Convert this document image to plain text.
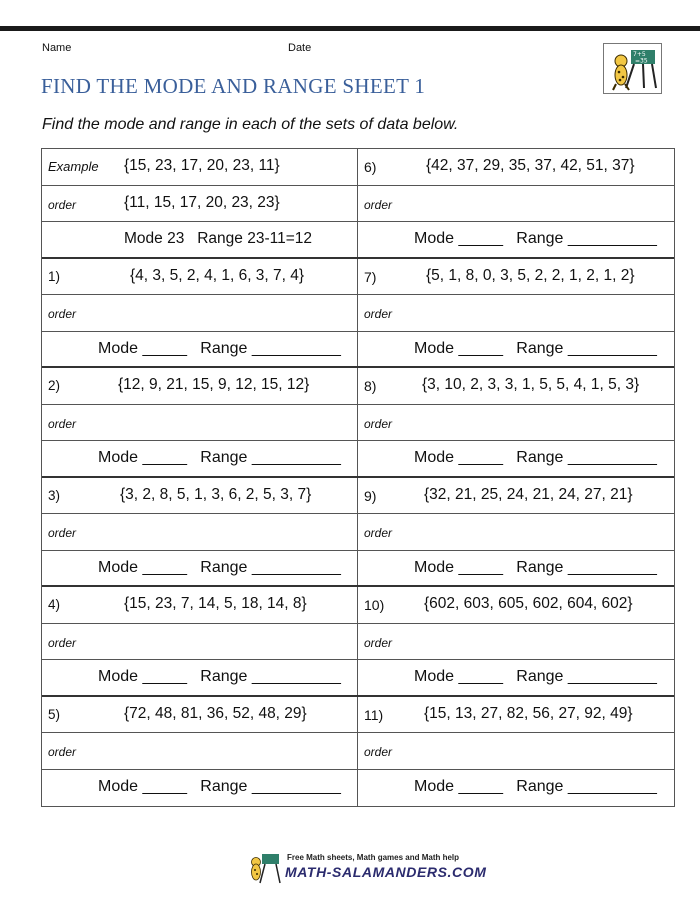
Name	Date
7+5
=35
FIND THE MODE AND RANGE SHEET 1
Find the mode and range in each of the sets of data below.
Example {15, 23, 17, 20, 23, 11}	6)	{42, 37, 29, 35, 37, 42, 51, 37}
order	{11, 15, 17, 20, 23, 23}	order
Mode 23   Range 23-11=12	Mode _____   Range __________
1)	{4, 3, 5, 2, 4, 1, 6, 3, 7, 4}	7)	{5, 1, 8, 0, 3, 5, 2, 2, 1, 2, 1, 2}
order	order
Mode _____   Range __________	Mode _____   Range __________
2)	{12, 9, 21, 15, 9, 12, 15, 12}	8)	{3, 10, 2, 3, 3, 1, 5, 5, 4, 1, 5, 3}
order	order
Mode _____   Range __________	Mode _____   Range __________
3)	{3, 2, 8, 5, 1, 3, 6, 2, 5, 3, 7}	9)	{32, 21, 25, 24, 21, 24, 27, 21}
order	order
Mode _____   Range __________	Mode _____   Range __________
4)	{15, 23, 7, 14, 5, 18, 14, 8}	10)	{602, 603, 605, 602, 604, 602}
order	order
Mode _____   Range __________	Mode _____   Range __________
5)	{72, 48, 81, 36, 52, 48, 29}	11)	{15, 13, 27, 82, 56, 27, 92, 49}
order	order
Mode _____   Range __________	Mode _____   Range __________
Free Math sheets, Math games and Math help
MATH-SALAMANDERS.COM
